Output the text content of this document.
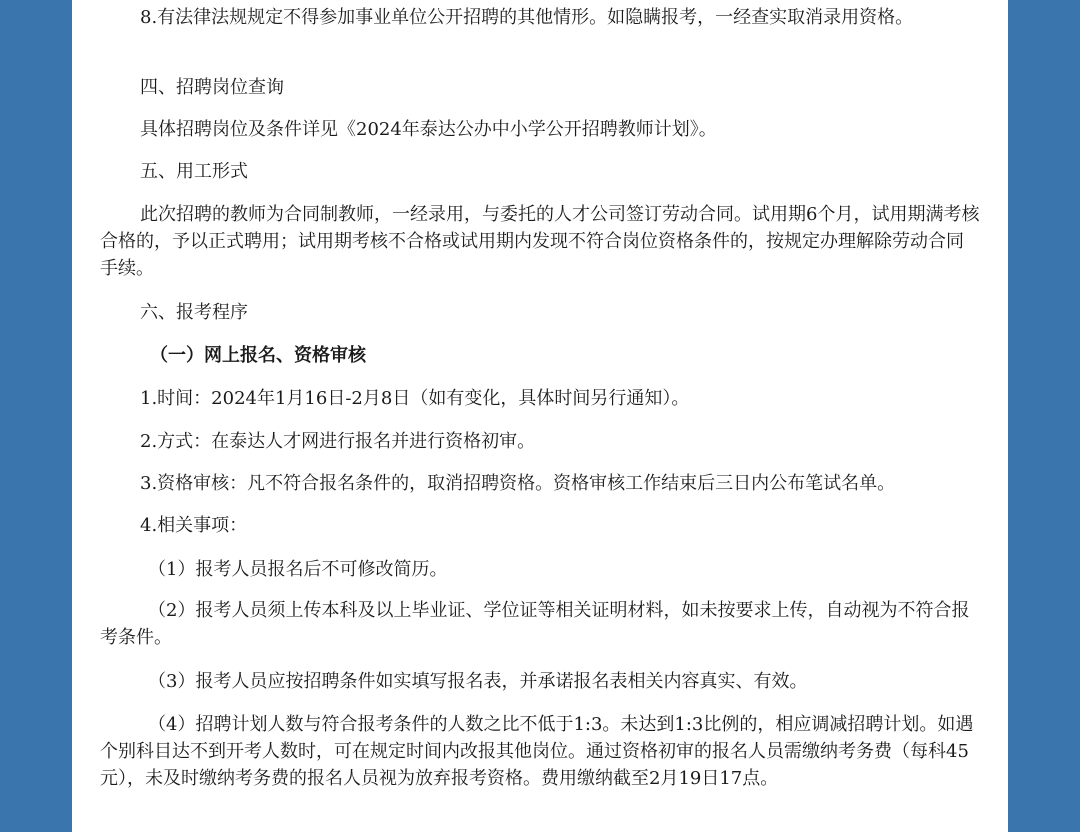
8.有法律法规规定不得参加事业单位公开招聘的其他情形。如隐瞒报考，一经查实取消录用资格。

四、招聘岗位查询

具体招聘岗位及条件详见《2024年泰达公办中小学公开招聘教师计划》。

五、用工形式

此次招聘的教师为合同制教师，一经录用，与委托的人才公司签订劳动合同。试用期6个月，试用期满考核合格的，予以正式聘用；试用期考核不合格或试用期内发现不符合岗位资格条件的，按规定办理解除劳动合同手续。

六、报考程序

（一）网上报名、资格审核

1.时间：2024年1月16日-2月8日（如有变化，具体时间另行通知）。

2.方式：在泰达人才网进行报名并进行资格初审。

3.资格审核：凡不符合报名条件的，取消招聘资格。资格审核工作结束后三日内公布笔试名单。

4.相关事项：

（1）报考人员报名后不可修改简历。

（2）报考人员须上传本科及以上毕业证、学位证等相关证明材料，如未按要求上传，自动视为不符合报考条件。

（3）报考人员应按招聘条件如实填写报名表，并承诺报名表相关内容真实、有效。

（4）招聘计划人数与符合报考条件的人数之比不低于1:3。未达到1:3比例的，相应调减招聘计划。如遇个别科目达不到开考人数时，可在规定时间内改报其他岗位。通过资格初审的报名人员需缴纳考务费（每科45元），未及时缴纳考务费的报名人员视为放弃报考资格。费用缴纳截至2月19日17点。
